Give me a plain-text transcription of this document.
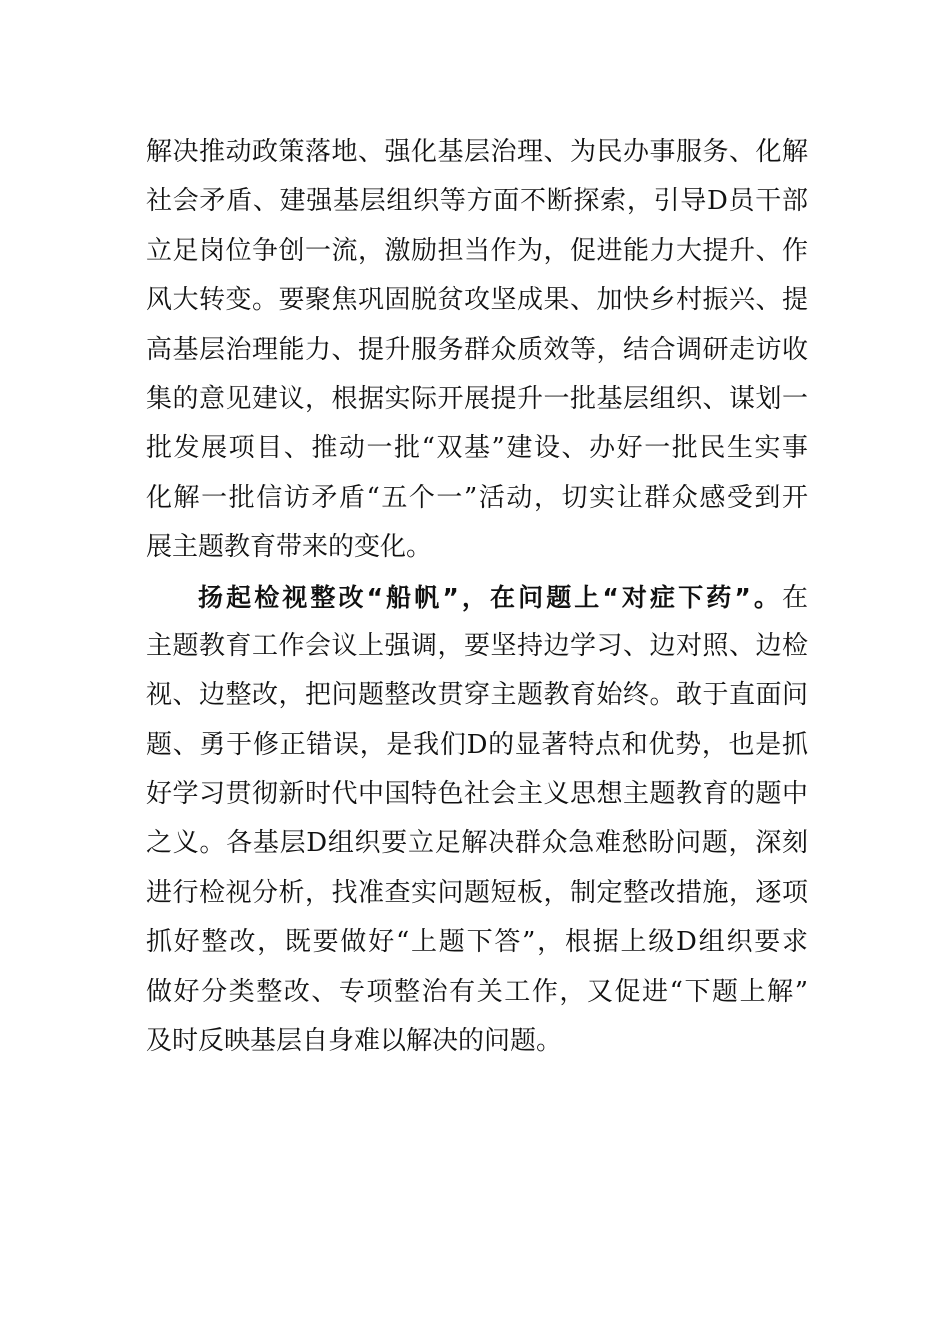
解决推动政策落地、强化基层治理、为民办事服务、化解
社会矛盾、建强基层组织等方面不断探索，引导D员干部
立足岗位争创一流，激励担当作为，促进能力大提升、作
风大转变。要聚焦巩固脱贫攻坚成果、加快乡村振兴、提
高基层治理能力、提升服务群众质效等，结合调研走访收
集的意见建议，根据实际开展提升一批基层组织、谋划一
批发展项目、推动一批“双基”建设、办好一批民生实事
化解一批信访矛盾“五个一”活动，切实让群众感受到开
展主题教育带来的变化。
扬起检视整改“船帆”，在问题上“对症下药”。在
主题教育工作会议上强调，要坚持边学习、边对照、边检
视、边整改，把问题整改贯穿主题教育始终。敢于直面问
题、勇于修正错误，是我们D的显著特点和优势，也是抓
好学习贯彻新时代中国特色社会主义思想主题教育的题中
之义。各基层D组织要立足解决群众急难愁盼问题，深刻
进行检视分析，找准查实问题短板，制定整改措施，逐项
抓好整改，既要做好“上题下答”，根据上级D组织要求
做好分类整改、专项整治有关工作，又促进“下题上解”
及时反映基层自身难以解决的问题。
